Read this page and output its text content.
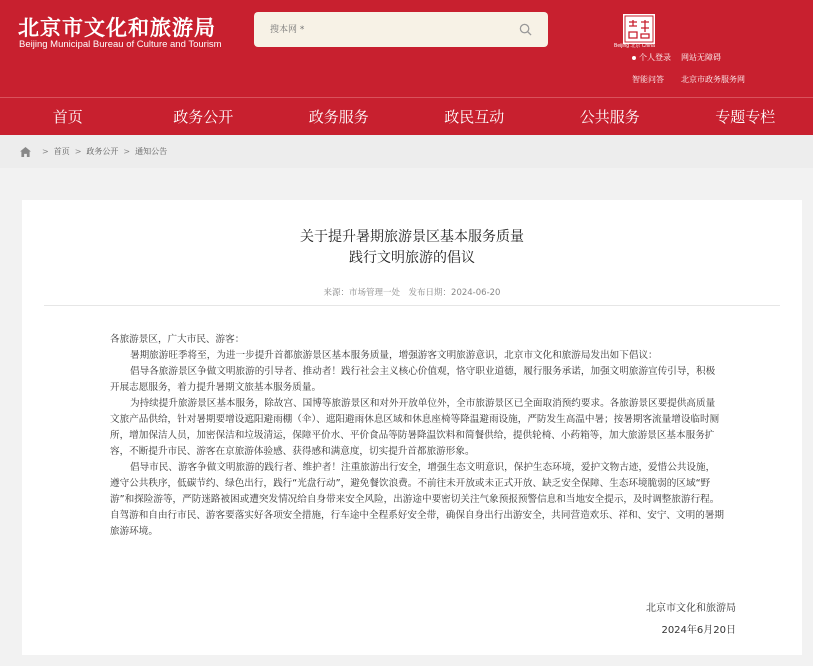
北京市文化和旅游局
Beijing Municipal Bureau of Culture and Tourism
搜本网 *	Beijing 北京 China
个人登录 网站无障碍
智能问答 北京市政务服务网
首页	政务公开	政务服务	政民互动	公共服务	专题专栏
> 首页 > 政务公开 > 通知公告
关于提升暑期旅游景区基本服务质量
践行文明旅游的倡议
来源：市场管理一处　发布日期：2024-06-20

各旅游景区，广大市民、游客：

暑期旅游旺季将至，为进一步提升首都旅游景区基本服务质量，增强游客文明旅游意识，北京市文化和旅游局发出如下倡议：

倡导各旅游景区争做文明旅游的引导者、推动者！践行社会主义核心价值观，恪守职业道德，履行服务承诺，加强文明旅游宣传引导，积极开展志愿服务，着力提升暑期文旅基本服务质量。

为持续提升旅游景区基本服务，除故宫、国博等旅游景区和对外开放单位外，全市旅游景区已全面取消预约要求。各旅游景区要提供高质量文旅产品供给，针对暑期要增设遮阳避雨棚（伞）、遮阳避雨休息区域和休息座椅等降温避雨设施，严防发生高温中暑；按暑期客流量增设临时厕所，增加保洁人员，加密保洁和垃圾清运，保障平价水、平价食品等防暑降温饮料和简餐供给，提供轮椅、小药箱等，加大旅游景区基本服务扩容，不断提升市民、游客在京旅游体验感、获得感和满意度，切实提升首都旅游形象。

倡导市民、游客争做文明旅游的践行者、维护者！注重旅游出行安全，增强生态文明意识，保护生态环境，爱护文物古迹，爱惜公共设施，遵守公共秩序，低碳节约、绿色出行，践行“光盘行动”，避免餐饮浪费。不前往未开放或未正式开放、缺乏安全保障、生态环境脆弱的区域“野游”和探险游等，严防迷路被困或遭突发情况给自身带来安全风险，出游途中要密切关注气象预报预警信息和当地安全提示，及时调整旅游行程。自驾游和自由行市民、游客要落实好各项安全措施，行车途中全程系好安全带，确保自身出行出游安全，共同营造欢乐、祥和、安宁、文明的暑期旅游环境。

北京市文化和旅游局
2024年6月20日
